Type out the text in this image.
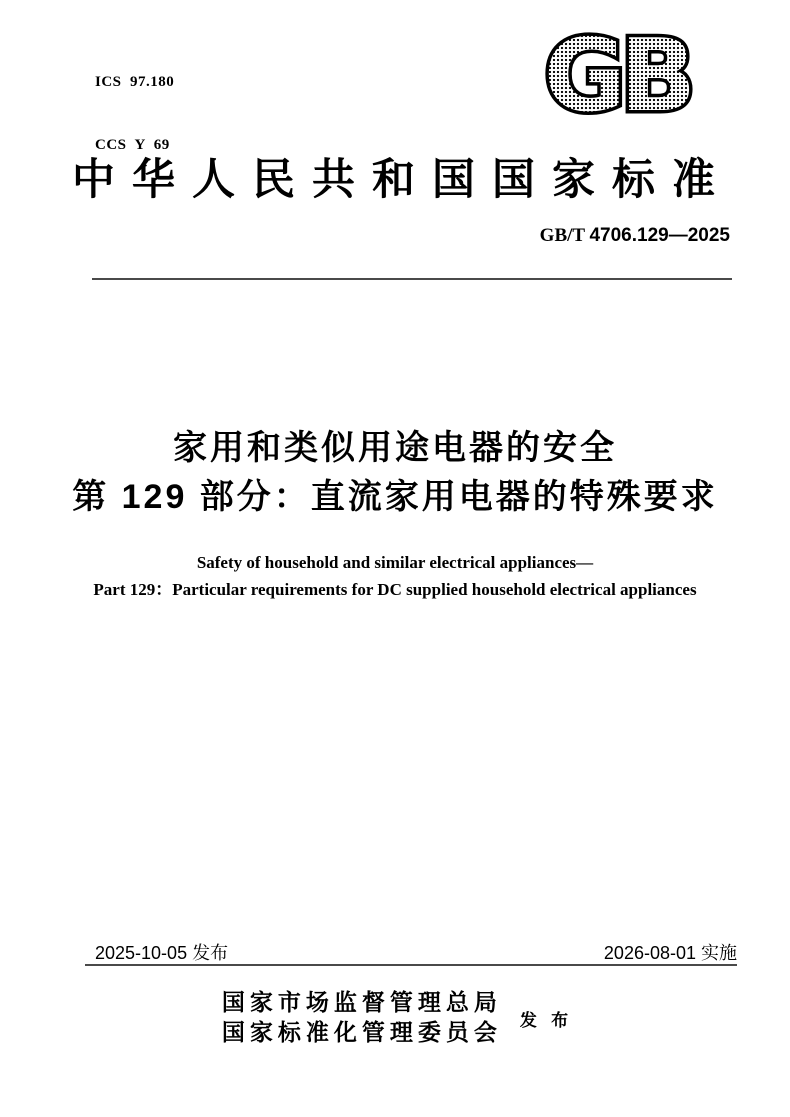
ICS  97.180

CCS  Y  69

GB
中华人民共和国国家标准
GB/T 4706.129—2025
家用和类似用途电器的安全
第 129 部分：直流家用电器的特殊要求
Safety of household and similar electrical appliances—
Part 129：Particular requirements for DC supplied household electrical appliances
2025-10-05 发布	2026-08-01 实施
国家市场监督管理总局
国家标准化管理委员会 发 布
